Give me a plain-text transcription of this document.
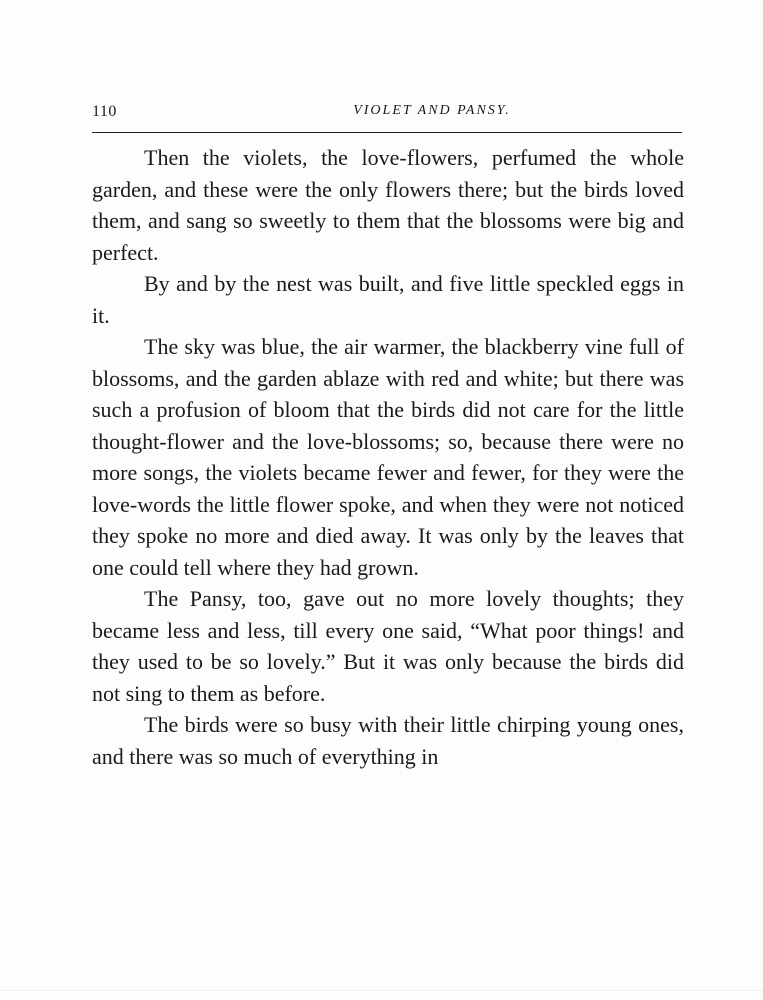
110	VIOLET AND PANSY.

Then the violets, the love-flowers, perfumed the whole garden, and these were the only flowers there; but the birds loved them, and sang so sweetly to them that the blossoms were big and perfect.

By and by the nest was built, and five little speckled eggs in it.

The sky was blue, the air warmer, the blackberry vine full of blossoms, and the garden ablaze with red and white; but there was such a profusion of bloom that the birds did not care for the little thought-flower and the love-blossoms; so, because there were no more songs, the violets became fewer and fewer, for they were the love-words the little flower spoke, and when they were not noticed they spoke no more and died away. It was only by the leaves that one could tell where they had grown.

The Pansy, too, gave out no more lovely thoughts; they became less and less, till every one said, “What poor things! and they used to be so lovely.” But it was only because the birds did not sing to them as before.

The birds were so busy with their little chirping young ones, and there was so much of everything in
